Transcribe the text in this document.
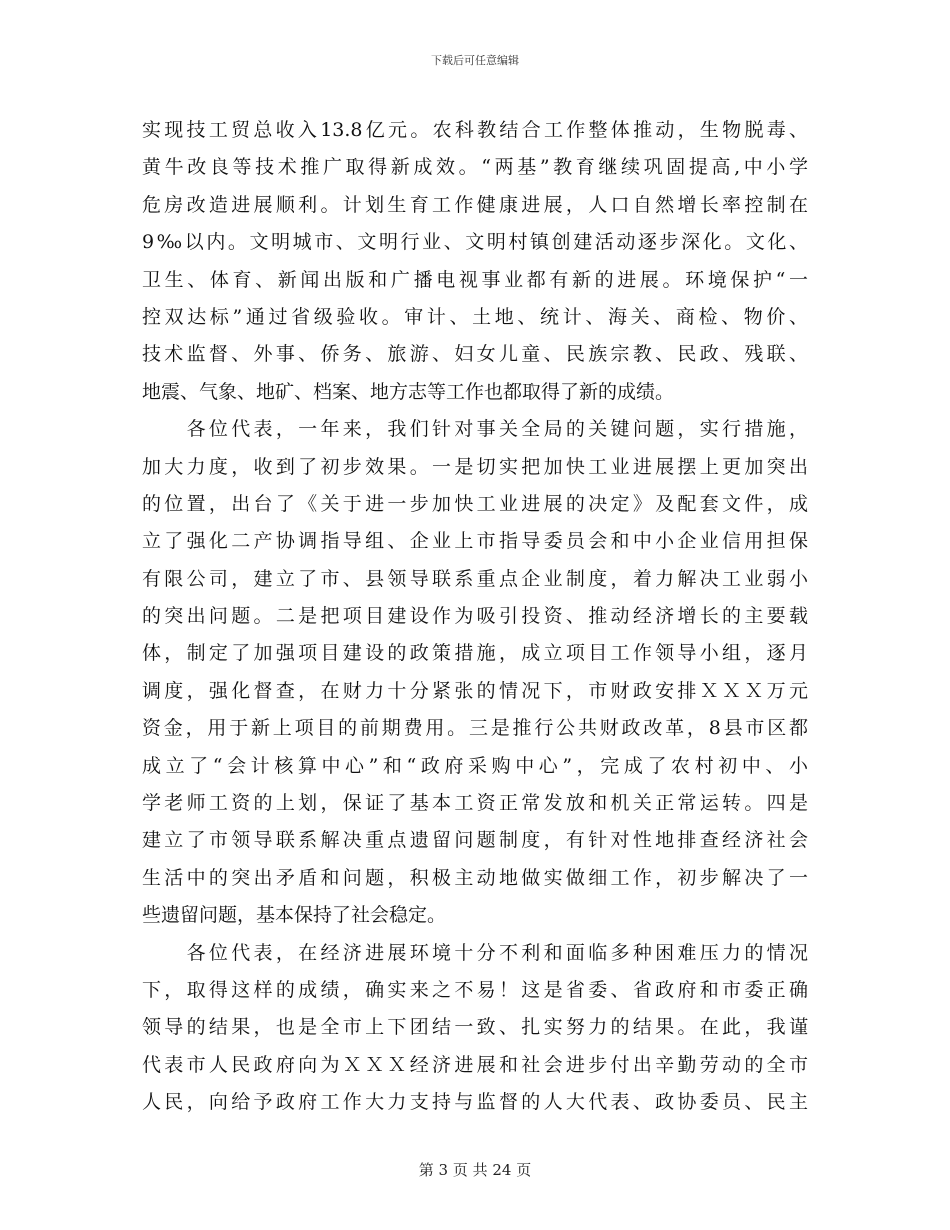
下载后可任意编辑
实现技工贸总收入13.8亿元。农科教结合工作整体推动，生物脱毒、
黄牛改良等技术推广取得新成效。“两基”教育继续巩固提高,中小学
危房改造进展顺利。计划生育工作健康进展，人口自然增长率控制在
9‰以内。文明城市、文明行业、文明村镇创建活动逐步深化。文化、
卫生、体育、新闻出版和广播电视事业都有新的进展。环境保护“一
控双达标”通过省级验收。审计、土地、统计、海关、商检、物价、
技术监督、外事、侨务、旅游、妇女儿童、民族宗教、民政、残联、
地震、气象、地矿、档案、地方志等工作也都取得了新的成绩。
　　各位代表，一年来，我们针对事关全局的关键问题，实行措施，
加大力度，收到了初步效果。一是切实把加快工业进展摆上更加突出
的位置，出台了《关于进一步加快工业进展的决定》及配套文件，成
立了强化二产协调指导组、企业上市指导委员会和中小企业信用担保
有限公司，建立了市、县领导联系重点企业制度，着力解决工业弱小
的突出问题。二是把项目建设作为吸引投资、推动经济增长的主要载
体，制定了加强项目建设的政策措施，成立项目工作领导小组，逐月
调度，强化督查，在财力十分紧张的情况下，市财政安排ＸＸＸ万元
资金，用于新上项目的前期费用。三是推行公共财政改革，8县市区都
成立了“会计核算中心”和“政府采购中心”，完成了农村初中、小
学老师工资的上划，保证了基本工资正常发放和机关正常运转。四是
建立了市领导联系解决重点遗留问题制度，有针对性地排查经济社会
生活中的突出矛盾和问题，积极主动地做实做细工作，初步解决了一
些遗留问题，基本保持了社会稳定。
　　各位代表，在经济进展环境十分不利和面临多种困难压力的情况
下，取得这样的成绩，确实来之不易！这是省委、省政府和市委正确
领导的结果，也是全市上下团结一致、扎实努力的结果。在此，我谨
代表市人民政府向为ＸＸＸ经济进展和社会进步付出辛勤劳动的全市
人民，向给予政府工作大力支持与监督的人大代表、政协委员、民主
第 3 页 共 24 页
